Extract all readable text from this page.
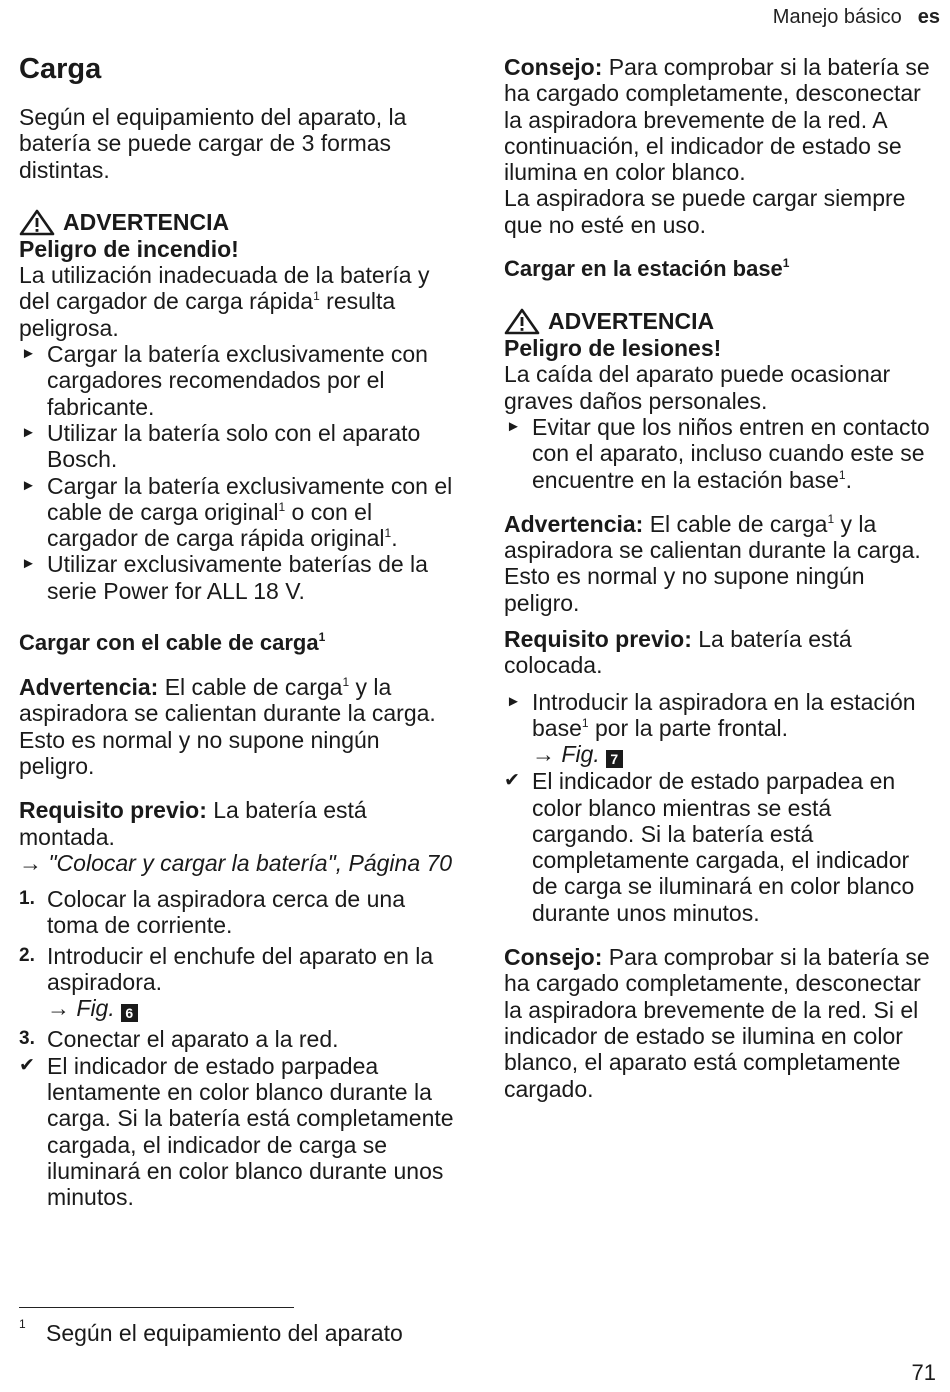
Manejo básico es
Carga

Según el equipamiento del aparato, la batería se puede cargar de 3 formas distintas.

ADVERTENCIA
Peligro de incendio!

La utilización inadecuada de la batería y del cargador de carga rápida$^1$ resulta peligrosa.

► Cargar la batería exclusivamente con cargadores recomendados por el fabricante.
► Utilizar la batería solo con el aparato Bosch.
► Cargar la batería exclusivamente con el cable de carga original$^1$ o con el cargador de carga rápida original$^1$.
► Utilizar exclusivamente baterías de la serie Power for ALL 18 V.
Cargar con el cable de carga$^1$

Advertencia: El cable de carga$^1$ y la aspiradora se calientan durante la carga. Esto es normal y no supone ningún peligro.

Requisito previo: La batería está montada.

→ "Colocar y cargar la batería", Página 70

1. Colocar la aspiradora cerca de una toma de corriente.
2. Introducir el enchufe del aparato en la aspiradora.
→ Fig. 6
3. Conectar el aparato a la red.
✔ El indicador de estado parpadea lentamente en color blanco durante la carga. Si la batería está completamente cargada, el indicador de carga se iluminará en color blanco durante unos minutos.

Consejo: Para comprobar si la batería se ha cargado completamente, desconectar la aspiradora brevemente de la red. A continuación, el indicador de estado se ilumina en color blanco.

La aspiradora se puede cargar siempre que no esté en uso.

Cargar en la estación base$^1$
ADVERTENCIA
Peligro de lesiones!

La caída del aparato puede ocasionar graves daños personales.

► Evitar que los niños entren en contacto con el aparato, incluso cuando este se encuentre en la estación base$^1$.

Advertencia: El cable de carga$^1$ y la aspiradora se calientan durante la carga. Esto es normal y no supone ningún peligro.

Requisito previo: La batería está colocada.

► Introducir la aspiradora en la estación base$^1$ por la parte frontal.
→ Fig. 7
✔ El indicador de estado parpadea en color blanco mientras se está cargando. Si la batería está completamente cargada, el indicador de carga se iluminará en color blanco durante unos minutos.

Consejo: Para comprobar si la batería se ha cargado completamente, desconectar la aspiradora brevemente de la red. Si el indicador de estado se ilumina en color blanco, el aparato está completamente cargado.

1 Según el equipamiento del aparato
71
